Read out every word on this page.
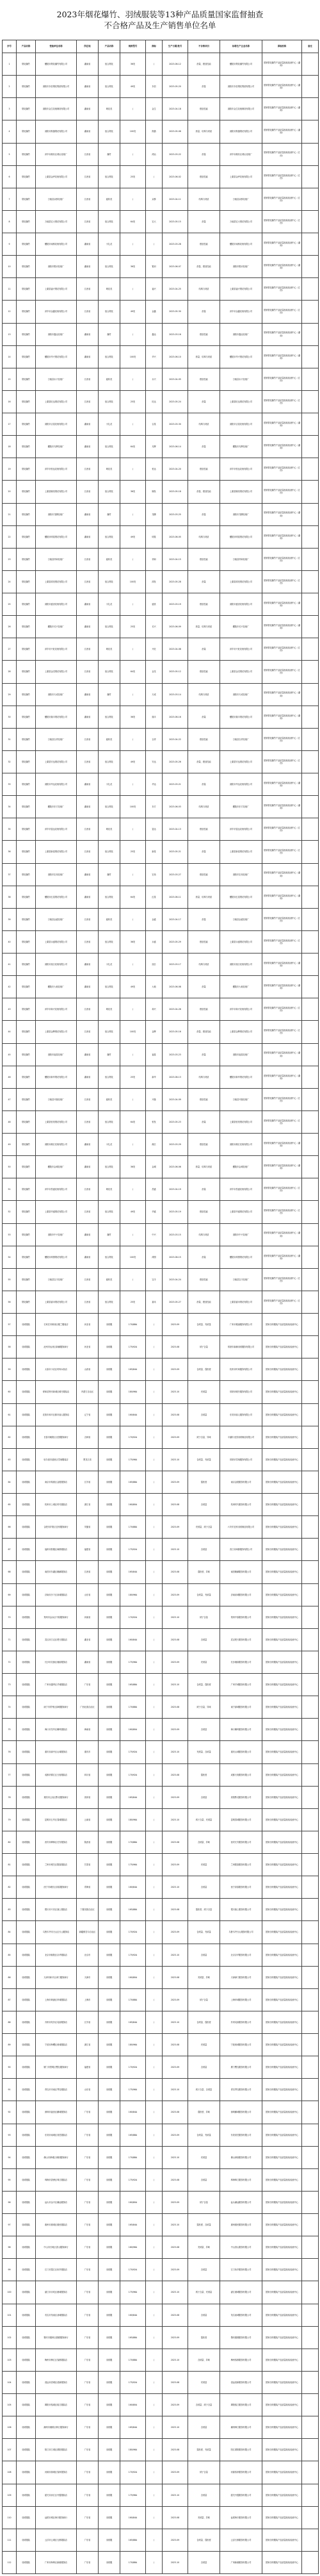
2023年烟花爆竹、羽绒服装等13种产品质量国家监督抽查
不合格产品及生产销售单位名单
序号	产品名称	受检单位名称	所在地	产品名称	规格型号	商标	生产日期/批号	不合格项目	标称生产企业名称	承检机构	备注
1	烟花爆竹	醴陵市烟花爆竹有限公司	湖南省	组合烟花	36发	/	2023-06-12	药量、燃放性能	醴陵市烟花爆竹有限公司	国家烟花爆竹产品质量检验检测中心（湖南）	
2	烟花爆竹	浏阳市东信烟花集团有限公司	湖南省	组合烟花	49发	东信	2023-05-20	药量	浏阳市东信烟花集团有限公司	国家烟花爆竹产品质量检验检测中心（湖南）	
3	烟花爆竹	浏阳市金生花炮制造有限公司	湖南省	喷花类	/	金生	2023-04-18	燃放性能	浏阳市金生花炮制造有限公司	国家烟花爆竹产品质量检验检测中心（湖南）	
4	烟花爆竹	浏阳市熊猫烟花有限公司	湖南省	组合烟花	100发	熊猫	2023-05-06	药量、结构与材质	浏阳市熊猫烟花有限公司	国家烟花爆竹产品质量检验检测中心（湖南）	
5	烟花爆竹	萍乡市湘东区鸿运花炮厂	江西省	爆竹	/	鸿运	2023-03-22	药量	萍乡市湘东区鸿运花炮厂	国家烟花爆竹产品质量检验检测中心（江西）	
6	烟花爆竹	上栗县金坪花炮有限公司	江西省	组合烟花	25发	/	2023-06-02	燃放性能	上栗县金坪花炮有限公司	国家烟花爆竹产品质量检验检测中心（江西）	
7	烟花爆竹	万载县双桥花炮厂	江西省	旋转类	/	双桥	2023-04-11	结构与材质	万载县双桥花炮厂	国家烟花爆竹产品质量检验检测中心（江西）	
8	烟花爆竹	万载县宏大烟花有限公司	江西省	组合烟花	64发	宏大	2023-05-15	药量	万载县宏大烟花有限公司	国家烟花爆竹产品质量检验检测中心（江西）	
9	烟花爆竹	醴陵市南桥花炮有限公司	湖南省	小礼花	/	/	2023-03-28	燃放性能	醴陵市南桥花炮有限公司	国家烟花爆竹产品质量检验检测中心（湖南）	
10	烟花爆竹	浏阳市银河花炮厂	湖南省	组合烟花	36发	银河	2023-06-07	药量、燃放性能	浏阳市银河花炮厂	国家烟花爆竹产品质量检验检测中心（湖南）	
11	烟花爆竹	上栗县福兴烟花有限公司	江西省	喷花类	/	福兴	2023-04-25	结构与材质	上栗县福兴烟花有限公司	国家烟花爆竹产品质量检验检测中心（江西）	
12	烟花爆竹	萍乡市金鑫花炮有限公司	江西省	组合烟花	49发	金鑫	2023-05-30	药量	萍乡市金鑫花炮有限公司	国家烟花爆竹产品质量检验检测中心（江西）	
13	烟花爆竹	浏阳市鑫达花炮厂	湖南省	爆竹	/	鑫达	2023-03-16	燃放性能	浏阳市鑫达花炮厂	国家烟花爆竹产品质量检验检测中心（湖南）	
14	烟花爆竹	醴陵市华兴烟花有限公司	湖南省	组合烟花	100发	华兴	2023-06-10	药量、结构与材质	醴陵市华兴烟花有限公司	国家烟花爆竹产品质量检验检测中心（湖南）	
15	烟花爆竹	万载县永兴花炮厂	江西省	旋转类	/	永兴	2023-04-05	燃放性能	万载县永兴花炮厂	国家烟花爆竹产品质量检验检测中心（江西）	
16	烟花爆竹	上栗县旺达烟花有限公司	江西省	组合烟花	25发	旺达	2023-05-24	药量	上栗县旺达烟花有限公司	国家烟花爆竹产品质量检验检测中心（江西）	
17	烟花爆竹	浏阳市吉星花炮有限公司	湖南省	小礼花	/	吉星	2023-03-30	结构与材质	浏阳市吉星花炮有限公司	国家烟花爆竹产品质量检验检测中心（湖南）	
18	烟花爆竹	醴陵市光辉花炮厂	湖南省	组合烟花	64发	光辉	2023-06-14	药量	醴陵市光辉花炮厂	国家烟花爆竹产品质量检验检测中心（湖南）	
19	烟花爆竹	萍乡市恒达花炮有限公司	江西省	喷花类	/	恒达	2023-04-20	燃放性能	萍乡市恒达花炮有限公司	国家烟花爆竹产品质量检验检测中心（江西）	
20	烟花爆竹	上栗县顺发烟花有限公司	江西省	组合烟花	36发	顺发	2023-05-18	药量、燃放性能	上栗县顺发烟花有限公司	国家烟花爆竹产品质量检验检测中心（江西）	
21	烟花爆竹	浏阳市龙腾花炮厂	湖南省	爆竹	/	龙腾	2023-03-25	药量	浏阳市龙腾花炮厂	国家烟花爆竹产品质量检验检测中心（湖南）	
22	烟花爆竹	醴陵市明星烟花有限公司	湖南省	组合烟花	49发	明星	2023-06-05	结构与材质	醴陵市明星烟花有限公司	国家烟花爆竹产品质量检验检测中心（湖南）	
23	烟花爆竹	万载县祥和花炮厂	江西省	旋转类	/	祥和	2023-04-15	燃放性能	万载县祥和花炮厂	国家烟花爆竹产品质量检验检测中心（江西）	
24	烟花爆竹	上栗县鸿发烟花有限公司	江西省	组合烟花	100发	鸿发	2023-05-28	药量	上栗县鸿发烟花有限公司	国家烟花爆竹产品质量检验检测中心（江西）	
25	烟花爆竹	浏阳市盛世花炮有限公司	湖南省	小礼花	/	盛世	2023-03-19	燃放性能	浏阳市盛世花炮有限公司	国家烟花爆竹产品质量检验检测中心（湖南）	
26	烟花爆竹	醴陵市长兴花炮厂	湖南省	组合烟花	25发	长兴	2023-06-09	药量、结构与材质	醴陵市长兴花炮厂	国家烟花爆竹产品质量检验检测中心（湖南）	
27	烟花爆竹	萍乡市兴旺花炮有限公司	江西省	喷花类	/	兴旺	2023-04-08	药量	萍乡市兴旺花炮有限公司	国家烟花爆竹产品质量检验检测中心（江西）	
28	烟花爆竹	上栗县金龙烟花有限公司	江西省	组合烟花	64发	金龙	2023-05-12	燃放性能	上栗县金龙烟花有限公司	国家烟花爆竹产品质量检验检测中心（江西）	
29	烟花爆竹	浏阳市天成花炮厂	湖南省	爆竹	/	天成	2023-03-14	结构与材质	浏阳市天成花炮厂	国家烟花爆竹产品质量检验检测中心（湖南）	
30	烟花爆竹	醴陵市瑞丰烟花有限公司	湖南省	组合烟花	36发	瑞丰	2023-06-16	药量	醴陵市瑞丰烟花有限公司	国家烟花爆竹产品质量检验检测中心（湖南）	
31	烟花爆竹	万载县吉祥花炮厂	江西省	旋转类	/	吉祥	2023-04-22	燃放性能	万载县吉祥花炮厂	国家烟花爆竹产品质量检验检测中心（江西）	
32	烟花爆竹	上栗县安达烟花有限公司	江西省	组合烟花	49发	安达	2023-05-26	药量、燃放性能	上栗县安达烟花有限公司	国家烟花爆竹产品质量检验检测中心（江西）	
33	烟花爆竹	浏阳市华达花炮有限公司	湖南省	小礼花	/	华达	2023-03-21	药量	浏阳市华达花炮有限公司	国家烟花爆竹产品质量检验检测中心（湖南）	
34	烟花爆竹	醴陵市东方花炮厂	湖南省	组合烟花	100发	东方	2023-06-03	结构与材质	醴陵市东方花炮厂	国家烟花爆竹产品质量检验检测中心（湖南）	
35	烟花爆竹	萍乡市富达花炮有限公司	江西省	喷花类	/	富达	2023-04-13	燃放性能	萍乡市富达花炮有限公司	国家烟花爆竹产品质量检验检测中心（江西）	
36	烟花爆竹	上栗县新星烟花有限公司	江西省	组合烟花	25发	新星	2023-05-21	药量	上栗县新星烟花有限公司	国家烟花爆竹产品质量检验检测中心（江西）	
37	烟花爆竹	浏阳市宏伟花炮厂	湖南省	爆竹	/	宏伟	2023-03-27	燃放性能	浏阳市宏伟花炮厂	国家烟花爆竹产品质量检验检测中心（湖南）	
38	烟花爆竹	醴陵市红星烟花有限公司	湖南省	组合烟花	64发	红星	2023-06-11	药量、结构与材质	醴陵市红星烟花有限公司	国家烟花爆竹产品质量检验检测中心（湖南）	
39	烟花爆竹	万载县金盛花炮厂	江西省	旋转类	/	金盛	2023-04-17	药量	万载县金盛花炮厂	国家烟花爆竹产品质量检验检测中心（江西）	
40	烟花爆竹	上栗县永盛烟花有限公司	江西省	组合烟花	36发	永盛	2023-05-29	燃放性能	上栗县永盛烟花有限公司	国家烟花爆竹产品质量检验检测中心（江西）	
41	烟花爆竹	浏阳市旭日花炮有限公司	湖南省	小礼花	/	旭日	2023-03-17	结构与材质	浏阳市旭日花炮有限公司	国家烟花爆竹产品质量检验检测中心（湖南）	
42	烟花爆竹	醴陵市大地花炮厂	湖南省	组合烟花	49发	大地	2023-06-08	药量	醴陵市大地花炮厂	国家烟花爆竹产品质量检验检测中心（湖南）	
43	烟花爆竹	萍乡市和兴花炮有限公司	江西省	喷花类	/	和兴	2023-04-26	燃放性能	萍乡市和兴花炮有限公司	国家烟花爆竹产品质量检验检测中心（江西）	
44	烟花爆竹	上栗县金辉烟花有限公司	江西省	组合烟花	100发	金辉	2023-05-16	药量、燃放性能	上栗县金辉烟花有限公司	国家烟花爆竹产品质量检验检测中心（江西）	
45	烟花爆竹	浏阳市福星花炮厂	湖南省	爆竹	/	福星	2023-03-23	药量	浏阳市福星花炮厂	国家烟花爆竹产品质量检验检测中心（湖南）	
46	烟花爆竹	醴陵市新华烟花有限公司	湖南省	组合烟花	25发	新华	2023-06-13	结构与材质	醴陵市新华烟花有限公司	国家烟花爆竹产品质量检验检测中心（湖南）	
47	烟花爆竹	万载县兴隆花炮厂	江西省	旋转类	/	兴隆	2023-04-09	燃放性能	万载县兴隆花炮厂	国家烟花爆竹产品质量检验检测中心（江西）	
48	烟花爆竹	上栗县恒发烟花有限公司	江西省	组合烟花	64发	恒发	2023-05-23	药量	上栗县恒发烟花有限公司	国家烟花爆竹产品质量检验检测中心（江西）	
49	烟花爆竹	浏阳市湘江花炮有限公司	湖南省	小礼花	/	湘江	2023-03-29	燃放性能	浏阳市湘江花炮有限公司	国家烟花爆竹产品质量检验检测中心（湖南）	
50	烟花爆竹	醴陵市金城花炮厂	湖南省	组合烟花	36发	金城	2023-06-06	药量、结构与材质	醴陵市金城花炮厂	国家烟花爆竹产品质量检验检测中心（湖南）	
51	烟花爆竹	萍乡市昌盛花炮有限公司	江西省	喷花类	/	昌盛	2023-04-19	药量	萍乡市昌盛花炮有限公司	国家烟花爆竹产品质量检验检测中心（江西）	
52	烟花爆竹	上栗县华盛烟花有限公司	江西省	组合烟花	49发	华盛	2023-05-19	燃放性能	上栗县华盛烟花有限公司	国家烟花爆竹产品质量检验检测中心（江西）	
53	烟花爆竹	浏阳市中兴花炮厂	湖南省	爆竹	/	中兴	2023-03-15	结构与材质	浏阳市中兴花炮厂	国家烟花爆竹产品质量检验检测中心（湖南）	
54	烟花爆竹	醴陵市鸿图烟花有限公司	湖南省	组合烟花	100发	鸿图	2023-06-15	药量	醴陵市鸿图烟花有限公司	国家烟花爆竹产品质量检验检测中心（湖南）	
55	烟花爆竹	万载县宝丰花炮厂	江西省	旋转类	/	宝丰	2023-04-24	燃放性能	万载县宝丰花炮厂	国家烟花爆竹产品质量检验检测中心（江西）	
56	烟花爆竹	上栗县嘉禾烟花有限公司	江西省	组合烟花	25发	嘉禾	2023-05-27	药量、燃放性能	上栗县嘉禾烟花有限公司	国家烟花爆竹产品质量检验检测中心（江西）	
57	羽绒服装	石家庄市桥西区雅兰服装店	河北省	羽绒服	170/88A	/	2023-09	含绒量、充绒量	广州市雅丽服饰有限公司	国家纺织服装产品质量检验检测中心	
58	羽绒服装	沧州市运河区新潮服饰商行	河北省	羽绒服	175/92A	/	2023-08	绒子含量	常熟市新潮羽绒服饰有限公司	国家纺织服装产品质量检验检测中心	
59	羽绒服装	太原市小店区时尚女装店	山西省	羽绒服	165/84A	/	2023-09	含绒量、蓬松度	杭州市时尚服饰有限公司	国家纺织服装产品质量检验检测中心	
60	羽绒服装	呼和浩特市新城区暖冬服装店	内蒙古自治区	羽绒服	180/96A	/	2023-10	充绒量	常熟市暖冬服饰有限公司	国家纺织服装产品质量检验检测中心	
61	羽绒服装	沈阳市和平区都市丽人服饰店	辽宁省	羽绒服	160/84A	/	2023-08	含绒量	东莞市丽人服饰有限公司	国家纺织服装产品质量检验检测中心	
62	羽绒服装	长春市朝阳区北国服饰商行	吉林省	羽绒服	170/92A	/	2023-09	绒子含量、异味	平湖市北国羽绒制品有限公司	国家纺织服装产品质量检验检测中心	
63	羽绒服装	哈尔滨市道里区雪域服装店	黑龙江省	羽绒服	175/96A	/	2023-10	含绒量、充绒量	常熟市雪域服饰有限公司	国家纺织服装产品质量检验检测中心	
64	羽绒服装	南京市秦淮区金陵服饰店	江苏省	羽绒服	165/88A	/	2023-09	蓬松度	南京金陵服饰有限公司	国家纺织服装产品质量检验检测中心	
65	羽绒服装	杭州市上城区时代服装店	浙江省	羽绒服	160/80A	/	2023-08	含绒量	杭州时代服饰有限公司	国家纺织服装产品质量检验检测中心	
66	羽绒服装	合肥市庐阳区宜家服饰商行	安徽省	羽绒服	170/88A	/	2023-09	充绒量、绒子含量	六安市宜家羽绒制品有限公司	国家纺织服装产品质量检验检测中心	
67	羽绒服装	福州市鼓楼区闽都服装店	福建省	羽绒服	175/92A	/	2023-10	含绒量	晋江市闽都服饰有限公司	国家纺织服装产品质量检验检测中心	
68	羽绒服装	南昌市东湖区赣鄱服饰店	江西省	羽绒服	165/84A	/	2023-08	蓬松度、异味	南昌赣鄱服饰有限公司	国家纺织服装产品质量检验检测中心	
69	羽绒服装	济南市历下区泉城服装店	山东省	羽绒服	180/96A	/	2023-09	含绒量、充绒量	济南泉城服饰有限公司	国家纺织服装产品质量检验检测中心	
70	羽绒服装	郑州市金水区中原服饰商行	河南省	羽绒服	170/92A	/	2023-10	绒子含量	郑州中原服饰有限公司	国家纺织服装产品质量检验检测中心	
71	羽绒服装	武汉市江汉区楚天服装店	湖北省	羽绒服	160/84A	/	2023-08	含绒量	武汉楚天服饰有限公司	国家纺织服装产品质量检验检测中心	
72	羽绒服装	长沙市芙蓉区湘韵服饰店	湖南省	羽绒服	175/96A	/	2023-09	充绒量	长沙湘韵服饰有限公司	国家纺织服装产品质量检验检测中心	
73	羽绒服装	广州市越秀区羊城服装店	广东省	羽绒服	165/88A	/	2023-10	含绒量、蓬松度	广州羊城服饰有限公司	国家纺织服装产品质量检验检测中心	
74	羽绒服装	南宁市青秀区绿城服饰商行	广西壮族自治区	羽绒服	170/88A	/	2023-08	绒子含量、异味	南宁绿城服饰有限公司	国家纺织服装产品质量检验检测中心	
75	羽绒服装	海口市龙华区椰风服装店	海南省	羽绒服	160/80A	/	2023-09	含绒量	海口椰风服饰有限公司	国家纺织服装产品质量检验检测中心	
76	羽绒服装	重庆市渝中区山城服饰店	重庆市	羽绒服	175/92A	/	2023-10	充绒量、含绒量	重庆山城服饰有限公司	国家纺织服装产品质量检验检测中心	
77	羽绒服装	成都市锦江区天府服装店	四川省	羽绒服	170/92A	/	2023-08	蓬松度	成都天府服饰有限公司	国家纺织服装产品质量检验检测中心	
78	羽绒服装	贵阳市云岩区黔灵服饰商行	贵州省	羽绒服	165/84A	/	2023-09	含绒量	贵阳黔灵服饰有限公司	国家纺织服装产品质量检验检测中心	
79	羽绒服装	昆明市五华区春城服装店	云南省	羽绒服	180/96A	/	2023-10	绒子含量、充绒量	昆明春城服饰有限公司	国家纺织服装产品质量检验检测中心	
80	羽绒服装	西安市碑林区长安服饰店	陕西省	羽绒服	170/88A	/	2023-08	含绒量、异味	西安长安服饰有限公司	国家纺织服装产品质量检验检测中心	
81	羽绒服装	兰州市城关区陇原服装店	甘肃省	羽绒服	175/96A	/	2023-09	充绒量	兰州陇原服饰有限公司	国家纺织服装产品质量检验检测中心	
82	羽绒服装	西宁市城东区高原服饰商行	青海省	羽绒服	160/84A	/	2023-10	含绒量	西宁高原服饰有限公司	国家纺织服装产品质量检验检测中心	
83	羽绒服装	银川市兴庆区塞上服装店	宁夏回族自治区	羽绒服	165/88A	/	2023-08	蓬松度、绒子含量	银川塞上服饰有限公司	国家纺织服装产品质量检验检测中心	
84	羽绒服装	乌鲁木齐市天山区天山服饰店	新疆维吾尔自治区	羽绒服	170/92A	/	2023-09	含绒量、充绒量	乌鲁木齐天山服饰有限公司	国家纺织服装产品质量检验检测中心	
85	羽绒服装	北京市朝阳区京华服装店	北京市	羽绒服	175/92A	/	2023-10	含绒量	北京京华服饰有限公司	国家纺织服装产品质量检验检测中心	
86	羽绒服装	天津市和平区津门服饰商行	天津市	羽绒服	160/80A	/	2023-08	充绒量、异味	天津津门服饰有限公司	国家纺织服装产品质量检验检测中心	
87	羽绒服装	上海市黄浦区申城服装店	上海市	羽绒服	170/88A	/	2023-09	绒子含量	上海申城服饰有限公司	国家纺织服装产品质量检验检测中心	
88	羽绒服装	苏州市姑苏区吴韵服饰店	江苏省	羽绒服	165/84A	/	2023-10	含绒量、蓬松度	苏州吴韵服饰有限公司	国家纺织服装产品质量检验检测中心	
89	羽绒服装	宁波市海曙区甬城服装店	浙江省	羽绒服	180/96A	/	2023-08	充绒量	宁波甬城服饰有限公司	国家纺织服装产品质量检验检测中心	
90	羽绒服装	厦门市思明区鹭岛服饰商行	福建省	羽绒服	170/92A	/	2023-09	含绒量	厦门鹭岛服饰有限公司	国家纺织服装产品质量检验检测中心	
91	羽绒服装	青岛市市南区琴岛服装店	山东省	羽绒服	175/96A	/	2023-10	绒子含量、含绒量	青岛琴岛服饰有限公司	国家纺织服装产品质量检验检测中心	
92	羽绒服装	深圳市福田区鹏城服饰店	广东省	羽绒服	160/84A	/	2023-08	蓬松度、异味	深圳鹏城服饰有限公司	国家纺织服装产品质量检验检测中心	
93	羽绒服装	东莞市南城区莞邑服装店	广东省	羽绒服	165/88A	/	2023-09	含绒量、充绒量	东莞莞邑服饰有限公司	国家纺织服装产品质量检验检测中心	
94	羽绒服装	佛山市禅城区禅韵服饰商行	广东省	羽绒服	170/88A	/	2023-10	充绒量	佛山禅韵服饰有限公司	国家纺织服装产品质量检验检测中心	
95	羽绒服装	珠海市香洲区珠江服装店	广东省	羽绒服	175/92A	/	2023-08	含绒量	珠海珠江服饰有限公司	国家纺织服装产品质量检验检测中心	
96	羽绒服装	汕头市金平区潮汕服饰店	广东省	羽绒服	160/80A	/	2023-09	绒子含量	汕头潮汕服饰有限公司	国家纺织服装产品质量检验检测中心	
97	羽绒服装	惠州市惠城区惠民服装店	广东省	羽绒服	165/84A	/	2023-10	蓬松度、含绒量	惠州惠民服饰有限公司	国家纺织服装产品质量检验检测中心	
98	羽绒服装	中山市石岐区香山服饰商行	广东省	羽绒服	180/96A	/	2023-08	充绒量、异味	中山香山服饰有限公司	国家纺织服装产品质量检验检测中心	
99	羽绒服装	江门市蓬江区侨乡服装店	广东省	羽绒服	170/92A	/	2023-09	含绒量	江门侨乡服饰有限公司	国家纺织服装产品质量检验检测中心	
100	羽绒服装	湛江市赤坎区港城服饰店	广东省	羽绒服	175/96A	/	2023-10	绒子含量、充绒量	湛江港城服饰有限公司	国家纺织服装产品质量检验检测中心	
101	羽绒服装	茂名市茂南区油城服装店	广东省	羽绒服	160/84A	/	2023-08	含绒量	茂名油城服饰有限公司	国家纺织服装产品质量检验检测中心	
102	羽绒服装	肇庆市端州区端砚服饰商行	广东省	羽绒服	165/88A	/	2023-09	蓬松度	肇庆端砚服饰有限公司	国家纺织服装产品质量检验检测中心	
103	羽绒服装	梅州市梅江区客都服装店	广东省	羽绒服	170/88A	/	2023-10	含绒量、异味	梅州客都服饰有限公司	国家纺织服装产品质量检验检测中心	
104	羽绒服装	清远市清城区清新服饰店	广东省	羽绒服	175/92A	/	2023-08	充绒量	清远清新服饰有限公司	国家纺织服装产品质量检验检测中心	
105	羽绒服装	揭阳市榕城区榕江服装店	广东省	羽绒服	160/80A	/	2023-09	含绒量、绒子含量	揭阳榕江服饰有限公司	国家纺织服装产品质量检验检测中心	
106	羽绒服装	潮州市湘桥区韩江服饰商行	广东省	羽绒服	165/84A	/	2023-10	含绒量	潮州韩江服饰有限公司	国家纺织服装产品质量检验检测中心	
107	羽绒服装	阳江市江城区漠阳服装店	广东省	羽绒服	180/96A	/	2023-08	蓬松度、充绒量	阳江漠阳服饰有限公司	国家纺织服装产品质量检验检测中心	
108	羽绒服装	河源市源城区客家服饰店	广东省	羽绒服	170/92A	/	2023-09	绒子含量	河源客家服饰有限公司	国家纺织服装产品质量检验检测中心	
109	羽绒服装	韶关市浈江区丹霞服装店	广东省	羽绒服	175/96A	/	2023-10	含绒量	韶关丹霞服饰有限公司	国家纺织服装产品质量检验检测中心	
110	羽绒服装	汕尾市城区海丰服饰商行	广东省	羽绒服	160/84A	/	2023-08	充绒量、异味	汕尾海丰服饰有限公司	国家纺织服装产品质量检验检测中心	
111	羽绒服装	云浮市云城区石都服装店	广东省	羽绒服	165/88A	/	2023-09	含绒量、蓬松度	云浮石都服饰有限公司	国家纺织服装产品质量检验检测中心	
112	羽绒服装	广州市海珠区新港服饰店	广东省	羽绒服	170/88A	/	2023-10	含绒量	广州新港服饰有限公司	国家纺织服装产品质量检验检测中心	
